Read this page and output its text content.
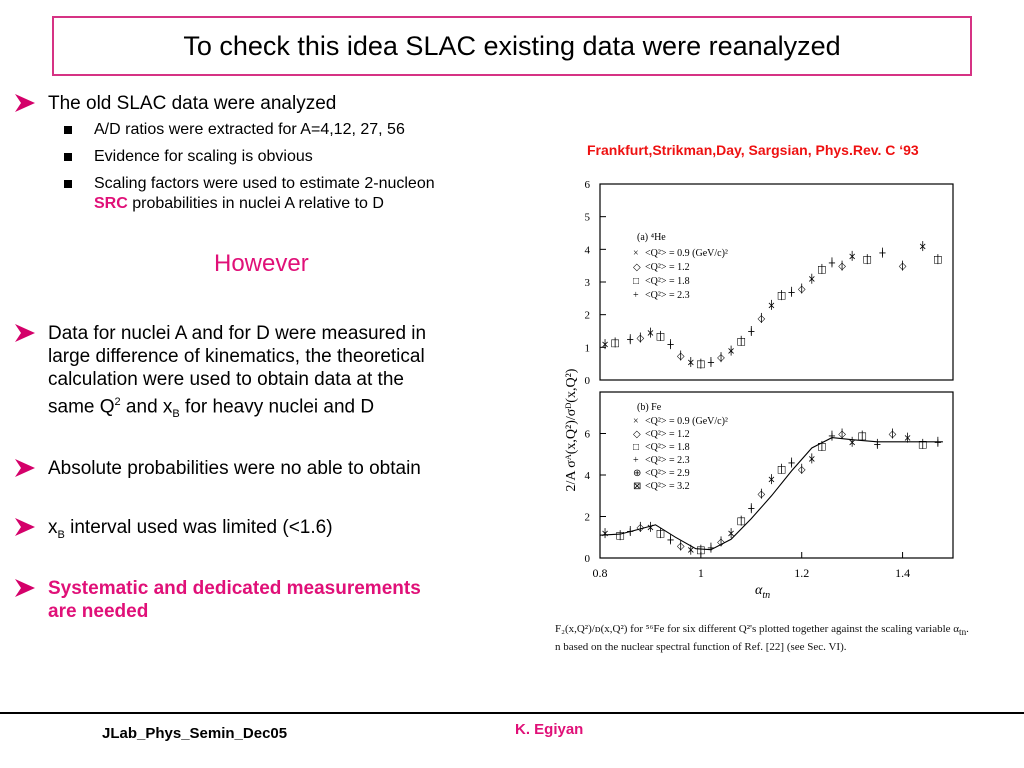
To check this idea SLAC existing data were reanalyzed
The old SLAC data were analyzed
A/D ratios were extracted for A=4,12, 27, 56
Evidence for scaling is obvious
Scaling factors were used to estimate 2-nucleon
SRC probabilities in nuclei A relative to D
However
Data for nuclei A and for D were measured in
large difference of kinematics, the theoretical
calculation were used to obtain data at the
same $Q^2$ and $x_B$ for heavy nuclei and D
Absolute probabilities were no able to obtain
$x_B$ interval used was limited (<1.6)
Systematic and dedicated measurements
are needed
Frankfurt,Strikman,Day, Sargsian, Phys.Rev. C ‘93
2/A σᴬ(x,Q²)/σᴰ(x,Q²) 0
1
2
3
4
5
6
(a) ⁴He
× <Q²> = 0.9 (GeV/c)²
◇ <Q²> = 1.2
□ <Q²> = 1.8
+ <Q²> = 2.3
× □ + ◇ × □
+
◇
× □ + ◇
×
□
+
◇
×
□ + ◇
×
□
+ ◇
× □
+
◇
×
□
0
2
4
6
0.8	1	1.2	1.4
(b) Fe
× <Q²> = 0.9 (GeV/c)²
◇ <Q²> = 1.2
□ <Q²> = 1.8
+ <Q²> = 2.3
⊕ <Q²> = 2.9
⊠ <Q²> = 3.2
× □ + ◇ ×
□
+
◇ × □ +
◇
×
□
+
◇
×
□
+
◇
×
□
+ ◇
×
□
+
◇ ×
□ +
$\alpha_{tn}$
F₂(x,Q²)/ᴅ(x,Q²) for ⁵⁶Fe for six different Q²'s plotted together against the scaling variable $\alpha_{tn}$.
n based on the nuclear spectral function of Ref. [22] (see Sec. VI).
JLab_Phys_Semin_Dec05	K. Egiyan
